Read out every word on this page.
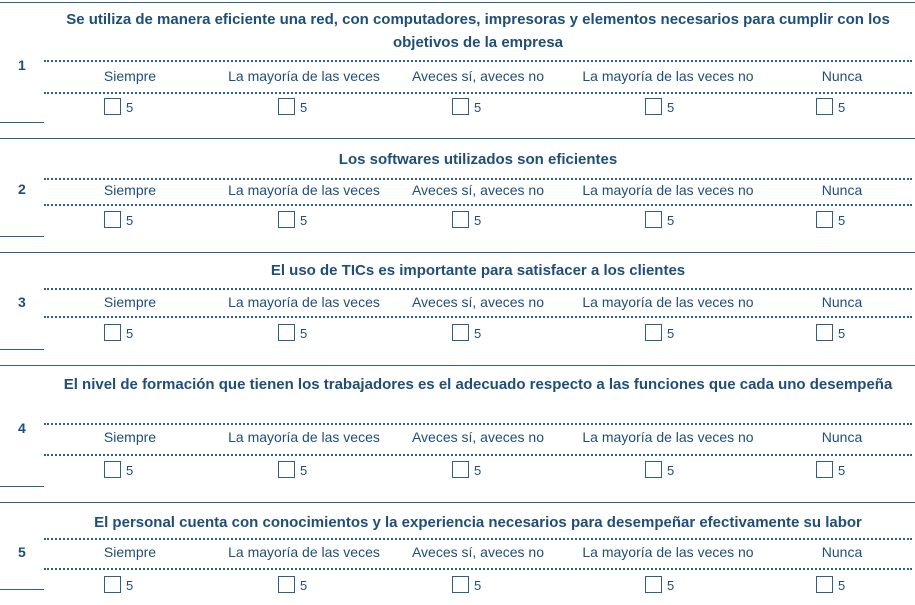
1
Se utiliza de manera eficiente una red, con computadores, impresoras y elementos necesarios para cumplir con los objetivos de la empresa
Siempre
5
La mayoría de las veces
5
Aveces sí, aveces no
5
La mayoría de las veces no
5
Nunca
5
2
Los softwares utilizados son eficientes
Siempre
5
La mayoría de las veces
5
Aveces sí, aveces no
5
La mayoría de las veces no
5
Nunca
5
3
El uso de TICs es importante para satisfacer a los clientes
Siempre
5
La mayoría de las veces
5
Aveces sí, aveces no
5
La mayoría de las veces no
5
Nunca
5
4
El nivel de formación que tienen los trabajadores es el adecuado respecto a las funciones que cada uno desempeña
Siempre
5
La mayoría de las veces
5
Aveces sí, aveces no
5
La mayoría de las veces no
5
Nunca
5
5
El personal cuenta con conocimientos y la experiencia necesarios para desempeñar efectivamente su labor
Siempre
5
La mayoría de las veces
5
Aveces sí, aveces no
5
La mayoría de las veces no
5
Nunca
5
